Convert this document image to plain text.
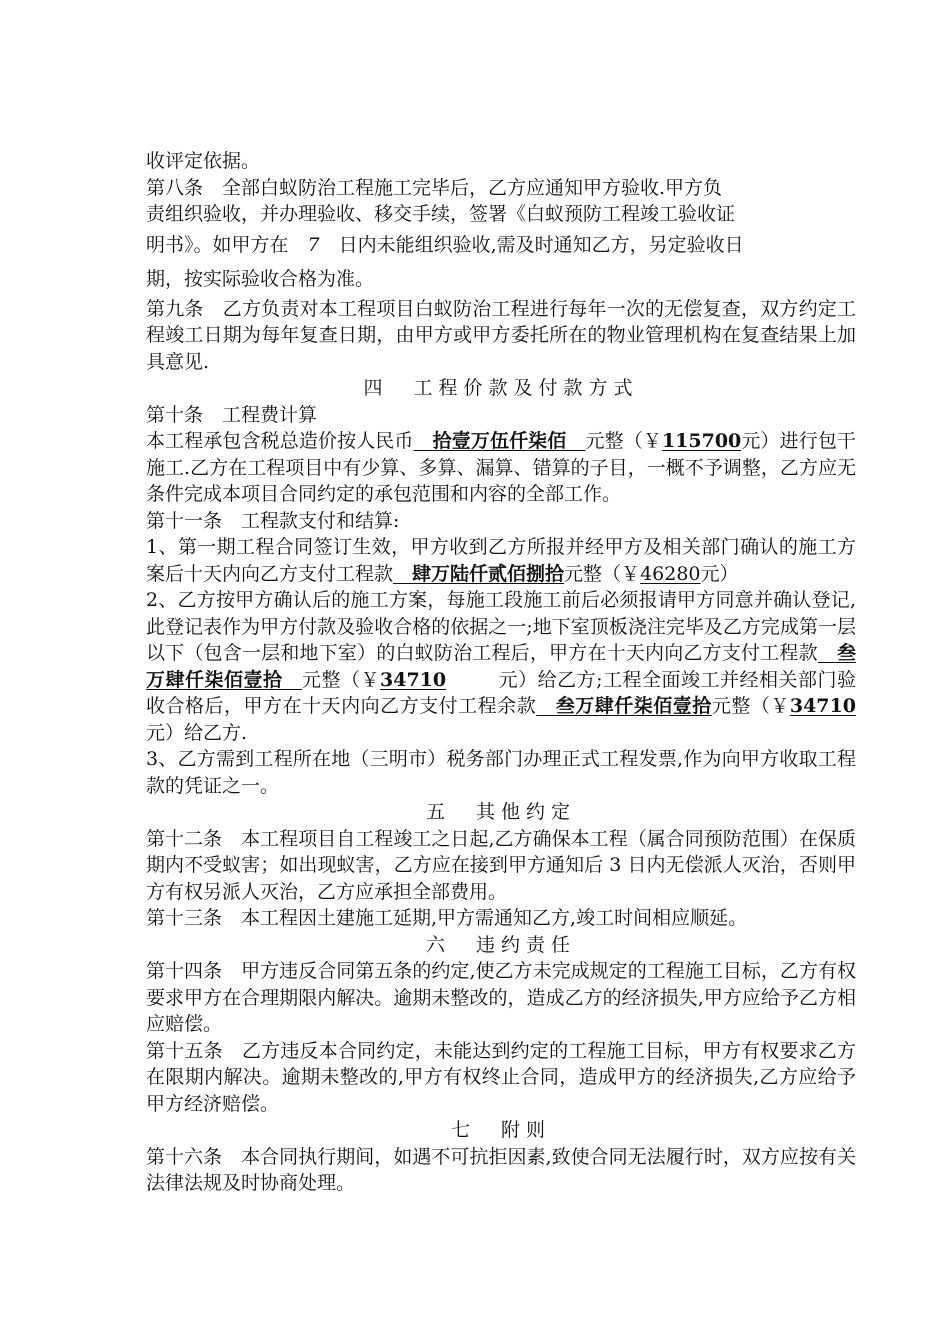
收评定依据。

第八条　全部白蚁防治工程施工完毕后，乙方应通知甲方验收.甲方负

责组织验收，并办理验收、移交手续，签署《白蚁预防工程竣工验收证

明书》。如甲方在　7　日内未能组织验收,需及时通知乙方，另定验收日

期，按实际验收合格为准。

第九条　乙方负责对本工程项目白蚁防治工程进行每年一次的无偿复查，双方约定工程竣工日期为每年复查日期，由甲方或甲方委托所在的物业管理机构在复查结果上加具意见.

四　工程价款及付款方式

第十条　工程费计算

本工程承包含税总造价按人民币　 拾壹万伍仟柒佰　 元整（￥115700元）进行包干施工.乙方在工程项目中有少算、多算、漏算、错算的子目，一概不予调整，乙方应无条件完成本项目合同约定的承包范围和内容的全部工作。

第十一条　工程款支付和结算:

1、第一期工程合同签订生效，甲方收到乙方所报并经甲方及相关部门确认的施工方案后十天内向乙方支付工程款　 肆万陆仟贰佰捌拾元整（￥46280元）

2、乙方按甲方确认后的施工方案，每施工段施工前后必须报请甲方同意并确认登记,此登记表作为甲方付款及验收合格的依据之一;地下室顶板浇注完毕及乙方完成第一层以下（包含一层和地下室）的白蚁防治工程后，甲方在十天内向乙方支付工程款　 叁万肆仟柒佰壹拾　 元整（￥34710	元）给乙方;工程全面竣工并经相关部门验收合格后，甲方在十天内向乙方支付工程余款　 叁万肆仟柒佰壹拾元整（￥34710元）给乙方.

3、乙方需到工程所在地（三明市）税务部门办理正式工程发票,作为向甲方收取工程款的凭证之一。

五　其他约定

第十二条　本工程项目自工程竣工之日起,乙方确保本工程（属合同预防范围）在保质期内不受蚁害；如出现蚁害，乙方应在接到甲方通知后 3 日内无偿派人灭治，否则甲方有权另派人灭治，乙方应承担全部费用。

第十三条　本工程因土建施工延期,甲方需通知乙方,竣工时间相应顺延。

六　违约责任

第十四条　甲方违反合同第五条的约定,使乙方未完成规定的工程施工目标，乙方有权要求甲方在合理期限内解决。逾期未整改的，造成乙方的经济损失,甲方应给予乙方相应赔偿。

第十五条　乙方违反本合同约定，未能达到约定的工程施工目标，甲方有权要求乙方在限期内解决。逾期未整改的,甲方有权终止合同，造成甲方的经济损失,乙方应给予甲方经济赔偿。

七　附则

第十六条　本合同执行期间，如遇不可抗拒因素,致使合同无法履行时，双方应按有关法律法规及时协商处理。
